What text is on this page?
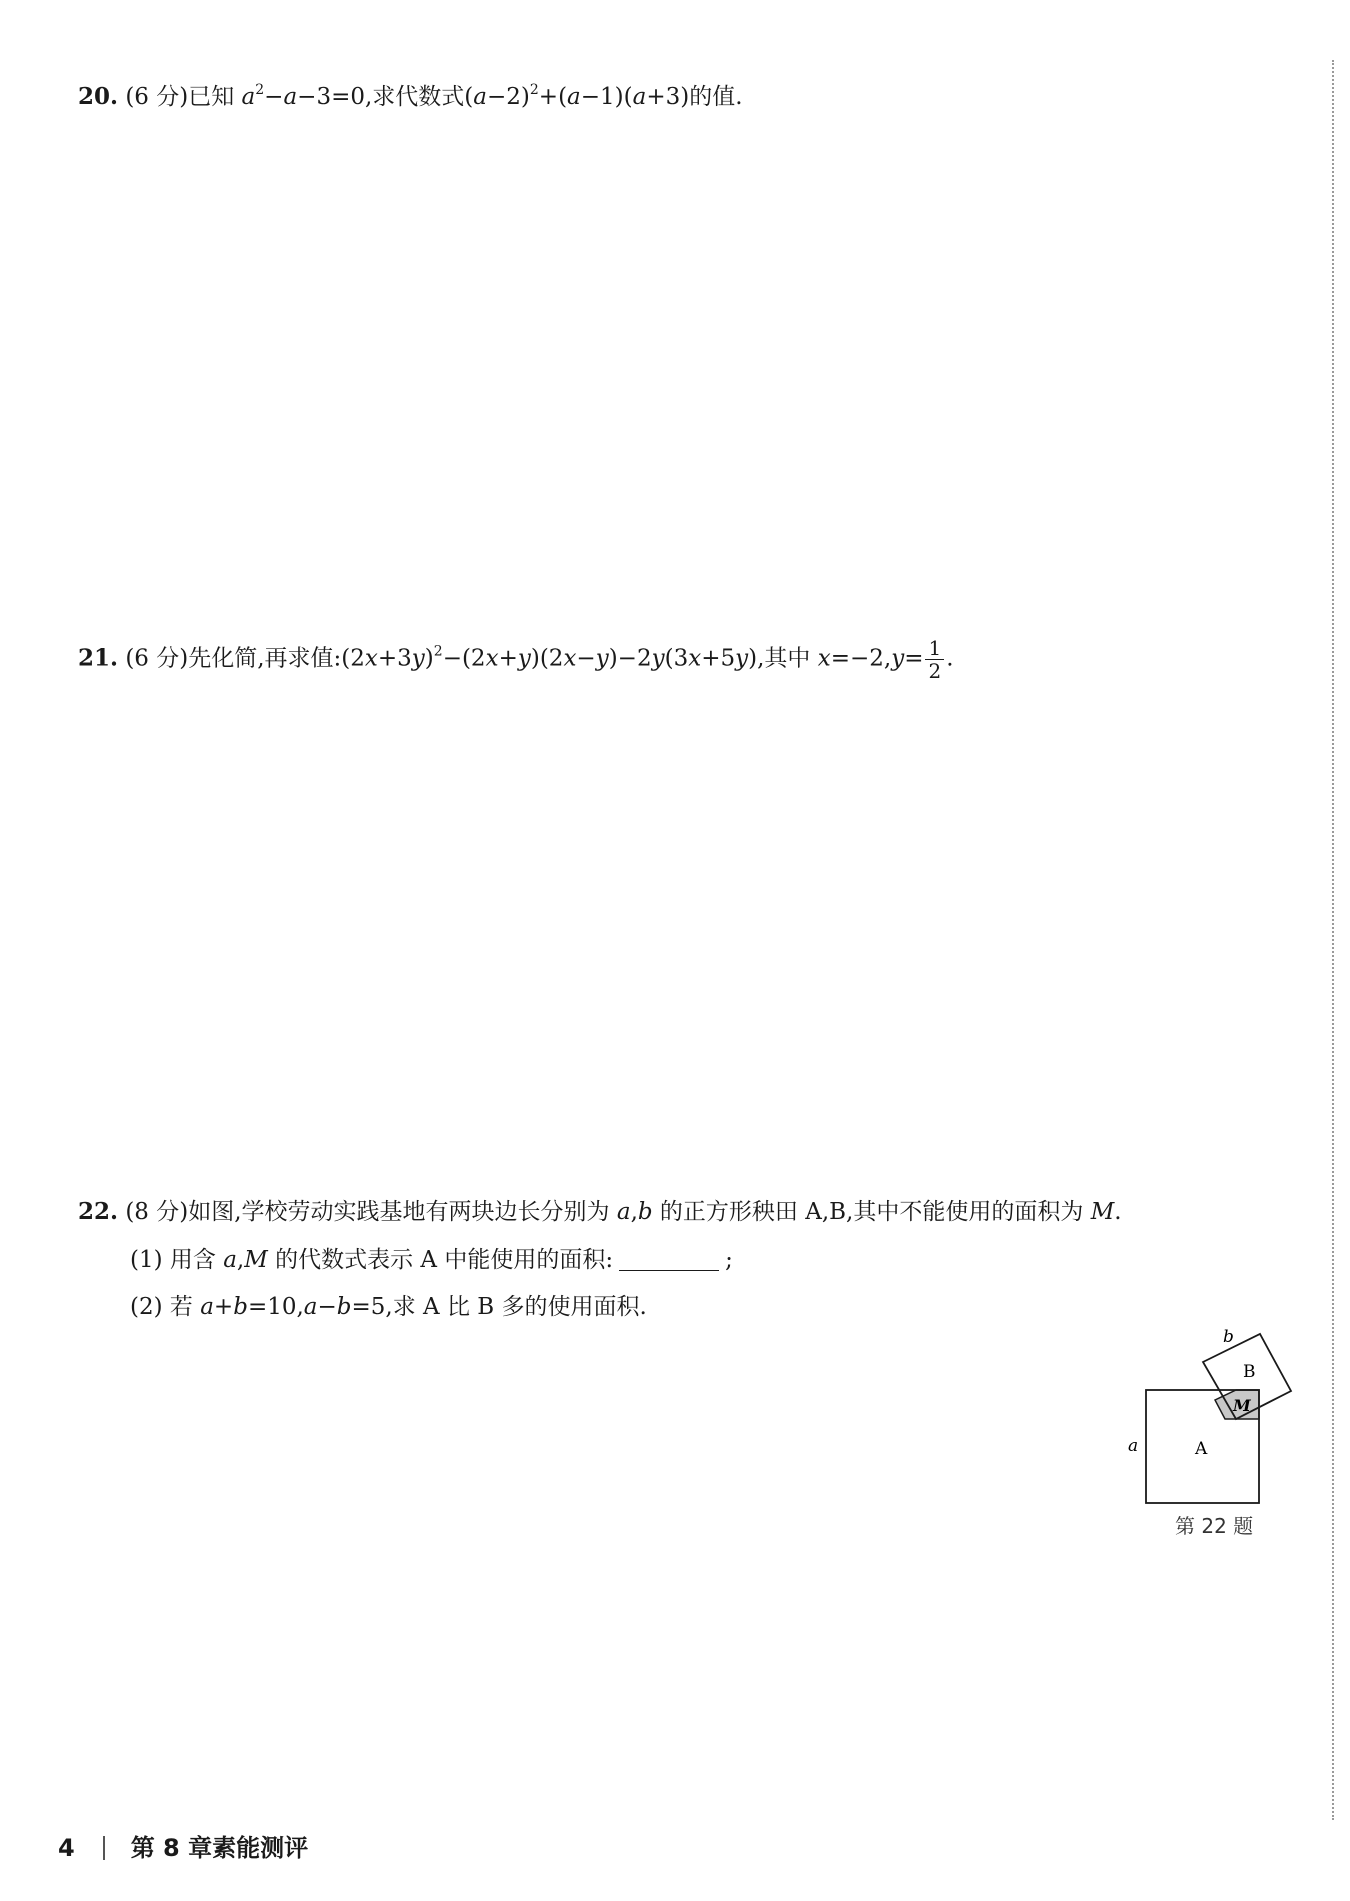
20. (6 分)已知 $a^2-a-3=0$,求代数式$(a-2)^2+(a-1)(a+3)$的值.
21. (6 分)先化简,再求值$:(2x+3y)^2-(2x+y)(2x-y)-2y(3x+5y)$,其中 $x=-2,y= \frac{1}{2}$ .
22. (8 分)如图,学校劳动实践基地有两块边长分别为 a,b 的正方形秧田 A,B,其中不能使用的面积为 M.
(1) 用含 a,M 的代数式表示 A 中能使用的面积:	;
(2) 若 a+b=10,a−b=5,求 A 比 B 多的使用面积.
a
b
A
B
M
第 22 题
4 第 8 章素能测评
